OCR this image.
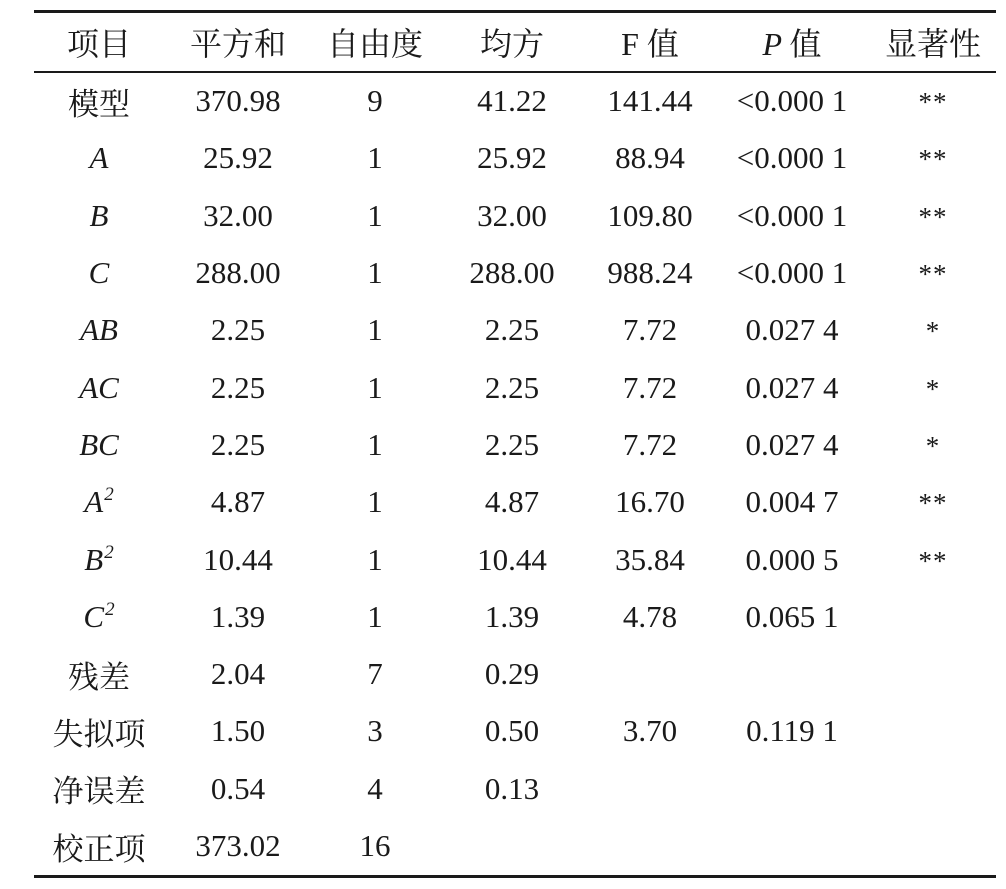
项目	平方和	自由度	均方	F 值	P 值	显著性

模型	370.98	9	41.22	141.44	<0.000 1	**
A	25.92	1	25.92	88.94	<0.000 1	**
B	32.00	1	32.00	109.80	<0.000 1	**
C	288.00	1	288.00	988.24	<0.000 1	**
AB	2.25	1	2.25	7.72	0.027 4	*
AC	2.25	1	2.25	7.72	0.027 4	*
BC	2.25	1	2.25	7.72	0.027 4	*
$A^2$	4.87	1	4.87	16.70	0.004 7	**
$B^2$	10.44	1	10.44	35.84	0.000 5	**
$C^2$	1.39	1	1.39	4.78	0.065 1	
残差	2.04	7	0.29			
失拟项	1.50	3	0.50	3.70	0.119 1	
净误差	0.54	4	0.13			
校正项	373.02	16				
